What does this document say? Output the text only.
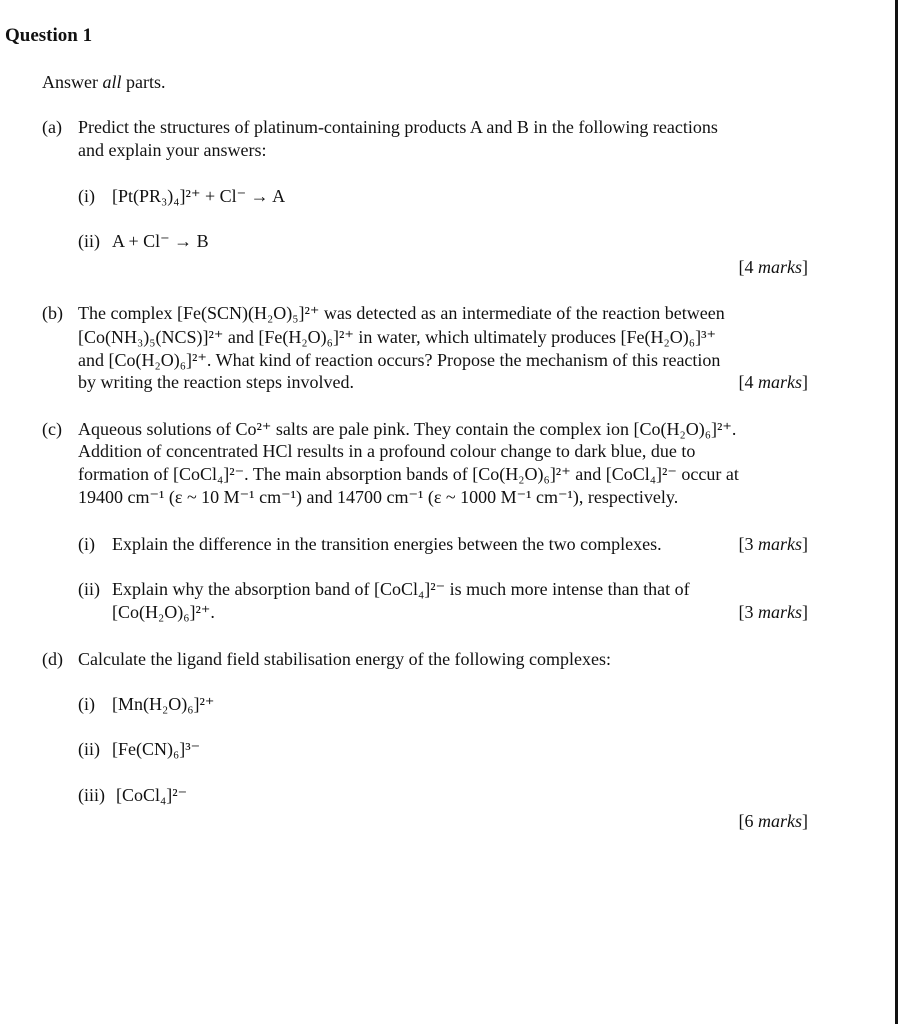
Question 1
Answer all parts.
(a) Predict the structures of platinum-containing products A and B in the following reactions
and explain your answers:
(i) [Pt(PR₃)₄]²⁺ + Cl⁻ → A
(ii) A + Cl⁻ → B
[4 marks]
(b) The complex [Fe(SCN)(H₂O)₅]²⁺ was detected as an intermediate of the reaction between
[Co(NH₃)₅(NCS)]²⁺ and [Fe(H₂O)₆]²⁺ in water, which ultimately produces [Fe(H₂O)₆]³⁺
and [Co(H₂O)₆]²⁺. What kind of reaction occurs? Propose the mechanism of this reaction
by writing the reaction steps involved.	[4 marks]
(c) Aqueous solutions of Co²⁺ salts are pale pink. They contain the complex ion [Co(H₂O)₆]²⁺.
Addition of concentrated HCl results in a profound colour change to dark blue, due to
formation of [CoCl₄]²⁻. The main absorption bands of [Co(H₂O)₆]²⁺ and [CoCl₄]²⁻ occur at
19400 cm⁻¹ (ε ~ 10 M⁻¹ cm⁻¹) and 14700 cm⁻¹ (ε ~ 1000 M⁻¹ cm⁻¹), respectively.
(i) Explain the difference in the transition energies between the two complexes.	[3 marks]
(ii) Explain why the absorption band of [CoCl₄]²⁻ is much more intense than that of
[Co(H₂O)₆]²⁺.	[3 marks]
(d) Calculate the ligand field stabilisation energy of the following complexes:
(i) [Mn(H₂O)₆]²⁺
(ii) [Fe(CN)₆]³⁻
(iii) [CoCl₄]²⁻
[6 marks]
